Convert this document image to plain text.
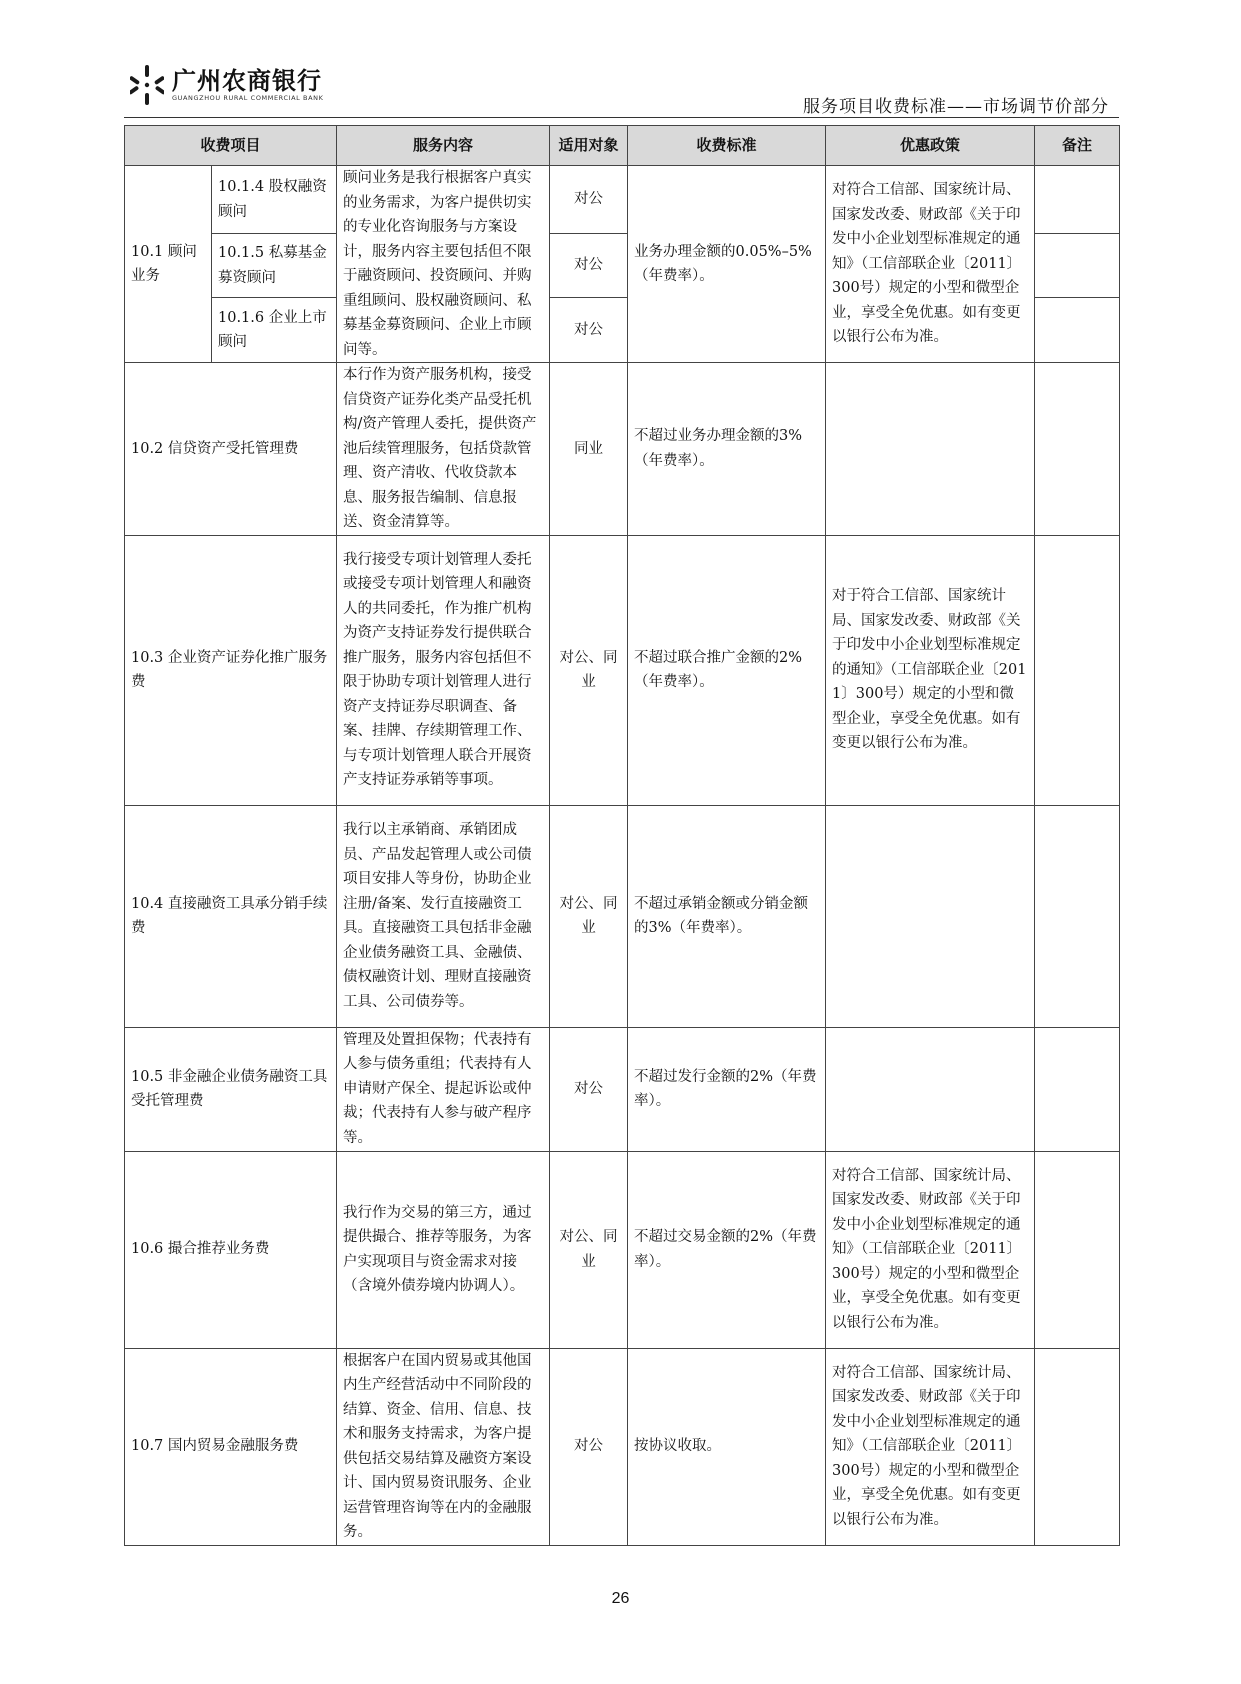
广州农商银行
GUANGZHOU RURAL COMMERCIAL BANK	服务项目收费标准——市场调节价部分
收费项目		服务内容	适用对象	收费标准	优惠政策	备注
10.1 顾问业务	10.1.4 股权融资顾问	顾问业务是我行根据客户真实的业务需求，为客户提供切实的专业化咨询服务与方案设计，服务内容主要包括但不限于融资顾问、投资顾问、并购重组顾问、股权融资顾问、私募基金募资顾问、企业上市顾问等。	对公	业务办理金额的0.05%–5%（年费率）。	对符合工信部、国家统计局、国家发改委、财政部《关于印发中小企业划型标准规定的通知》（工信部联企业〔2011〕300号）规定的小型和微型企业，享受全免优惠。如有变更以银行公布为准。	
	10.1.5 私募基金募资顾问		对公			
	10.1.6 企业上市顾问		对公			
10.2 信贷资产受托管理费		本行作为资产服务机构，接受信贷资产证券化类产品受托机构/资产管理人委托，提供资产池后续管理服务，包括贷款管理、资产清收、代收贷款本息、服务报告编制、信息报送、资金清算等。	同业	不超过业务办理金额的3%（年费率）。		
10.3 企业资产证券化推广服务费		我行接受专项计划管理人委托或接受专项计划管理人和融资人的共同委托，作为推广机构为资产支持证券发行提供联合推广服务，服务内容包括但不限于协助专项计划管理人进行资产支持证券尽职调查、备案、挂牌、存续期管理工作、与专项计划管理人联合开展资产支持证券承销等事项。	对公、同业	不超过联合推广金额的2%（年费率）。	对于符合工信部、国家统计局、国家发改委、财政部《关于印发中小企业划型标准规定的通知》（工信部联企业〔2011〕300号）规定的小型和微型企业，享受全免优惠。如有变更以银行公布为准。	
10.4 直接融资工具承分销手续费		我行以主承销商、承销团成员、产品发起管理人或公司债项目安排人等身份，协助企业注册/备案、发行直接融资工具。直接融资工具包括非金融企业债务融资工具、金融债、债权融资计划、理财直接融资工具、公司债券等。	对公、同业	不超过承销金额或分销金额的3%（年费率）。		
10.5 非金融企业债务融资工具受托管理费		管理及处置担保物；代表持有人参与债务重组；代表持有人申请财产保全、提起诉讼或仲裁；代表持有人参与破产程序等。	对公	不超过发行金额的2%（年费率）。		
10.6 撮合推荐业务费		我行作为交易的第三方，通过提供撮合、推荐等服务，为客户实现项目与资金需求对接（含境外债券境内协调人）。	对公、同业	不超过交易金额的2%（年费率）。	对符合工信部、国家统计局、国家发改委、财政部《关于印发中小企业划型标准规定的通知》（工信部联企业〔2011〕300号）规定的小型和微型企业，享受全免优惠。如有变更以银行公布为准。	
10.7 国内贸易金融服务费		根据客户在国内贸易或其他国内生产经营活动中不同阶段的结算、资金、信用、信息、技术和服务支持需求，为客户提供包括交易结算及融资方案设计、国内贸易资讯服务、企业运营管理咨询等在内的金融服务。	对公	按协议收取。	对符合工信部、国家统计局、国家发改委、财政部《关于印发中小企业划型标准规定的通知》（工信部联企业〔2011〕300号）规定的小型和微型企业，享受全免优惠。如有变更以银行公布为准。	
26
